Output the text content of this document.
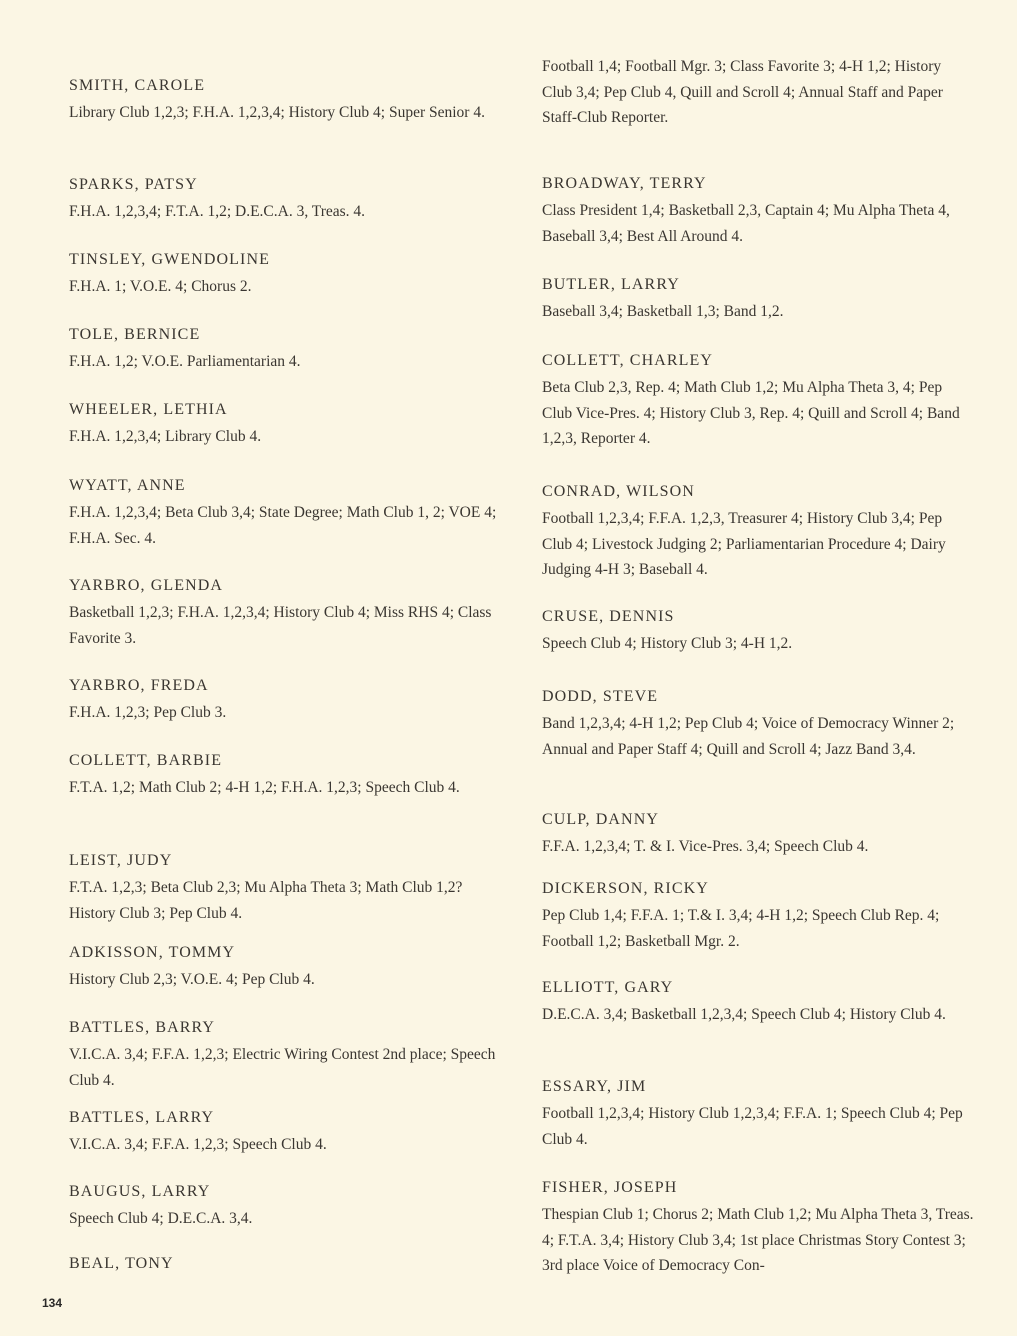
SMITH, CAROLE
Library Club 1,2,3; F.H.A. 1,2,3,4; History Club 4; Super Senior 4.
SPARKS, PATSY
F.H.A. 1,2,3,4; F.T.A. 1,2; D.E.C.A. 3, Treas. 4.
TINSLEY, GWENDOLINE
F.H.A. 1; V.O.E. 4; Chorus 2.
TOLE, BERNICE
F.H.A. 1,2; V.O.E. Parliamentarian 4.
WHEELER, LETHIA
F.H.A. 1,2,3,4; Library Club 4.
WYATT, ANNE
F.H.A. 1,2,3,4; Beta Club 3,4; State Degree; Math Club 1, 2; VOE 4; F.H.A. Sec. 4.
YARBRO, GLENDA
Basketball 1,2,3; F.H.A. 1,2,3,4; History Club 4; Miss RHS 4; Class Favorite 3.
YARBRO, FREDA
F.H.A. 1,2,3; Pep Club 3.
COLLETT, BARBIE
F.T.A. 1,2; Math Club 2; 4-H 1,2; F.H.A. 1,2,3; Speech Club 4.
LEIST, JUDY
F.T.A. 1,2,3; Beta Club 2,3; Mu Alpha Theta 3; Math Club 1,2? History Club 3; Pep Club 4.
ADKISSON, TOMMY
History Club 2,3; V.O.E. 4; Pep Club 4.
BATTLES, BARRY
V.I.C.A. 3,4; F.F.A. 1,2,3; Electric Wiring Contest 2nd place; Speech Club 4.
BATTLES, LARRY
V.I.C.A. 3,4; F.F.A. 1,2,3; Speech Club 4.
BAUGUS, LARRY
Speech Club 4; D.E.C.A. 3,4.
BEAL, TONY
Football 1,4; Football Mgr. 3; Class Favorite 3; 4-H 1,2; History Club 3,4; Pep Club 4, Quill and Scroll 4; Annual Staff and Paper Staff-Club Reporter.
BROADWAY, TERRY
Class President 1,4; Basketball 2,3, Captain 4; Mu Alpha Theta 4, Baseball 3,4; Best All Around 4.
BUTLER, LARRY
Baseball 3,4; Basketball 1,3; Band 1,2.
COLLETT, CHARLEY
Beta Club 2,3, Rep. 4; Math Club 1,2; Mu Alpha Theta 3, 4; Pep Club Vice-Pres. 4; History Club 3, Rep. 4; Quill and Scroll 4; Band 1,2,3, Reporter 4.
CONRAD, WILSON
Football 1,2,3,4; F.F.A. 1,2,3, Treasurer 4; History Club 3,4; Pep Club 4; Livestock Judging 2; Parliamentarian Procedure 4; Dairy Judging 4-H 3; Baseball 4.
CRUSE, DENNIS
Speech Club 4; History Club 3; 4-H 1,2.
DODD, STEVE
Band 1,2,3,4; 4-H 1,2; Pep Club 4; Voice of Democracy Winner 2; Annual and Paper Staff 4; Quill and Scroll 4; Jazz Band 3,4.
CULP, DANNY
F.F.A. 1,2,3,4; T. & I. Vice-Pres. 3,4; Speech Club 4.
DICKERSON, RICKY
Pep Club 1,4; F.F.A. 1; T.& I. 3,4; 4-H 1,2; Speech Club Rep. 4; Football 1,2; Basketball Mgr. 2.
ELLIOTT, GARY
D.E.C.A. 3,4; Basketball 1,2,3,4; Speech Club 4; History Club 4.
ESSARY, JIM
Football 1,2,3,4; History Club 1,2,3,4; F.F.A. 1; Speech Club 4; Pep Club 4.
FISHER, JOSEPH
Thespian Club 1; Chorus 2; Math Club 1,2; Mu Alpha Theta 3, Treas. 4; F.T.A. 3,4; History Club 3,4; 1st place Christmas Story Contest 3; 3rd place Voice of Democracy Con-
134
